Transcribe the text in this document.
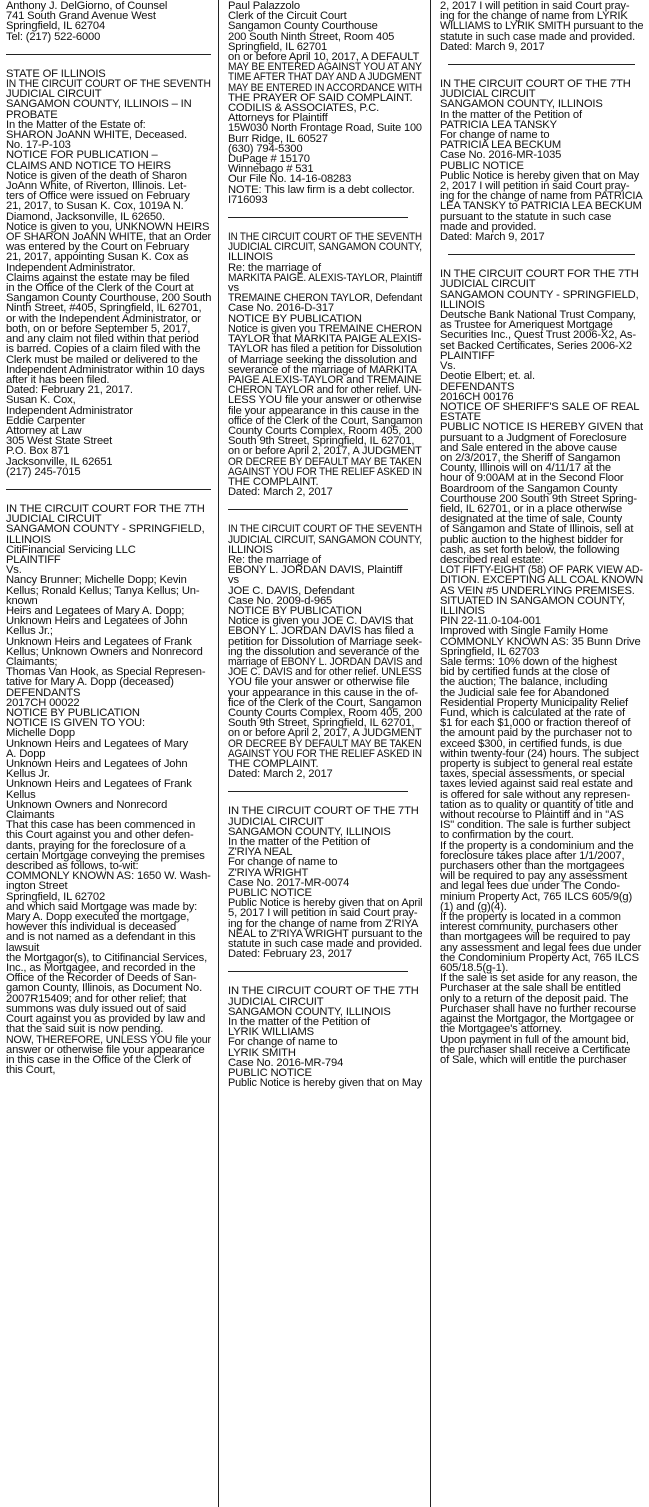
Anthony J. DelGiorno, of Counsel

741 South Grand Avenue West

Springfield, IL 62704

Tel: (217) 522-6000

STATE OF ILLINOIS

IN THE CIRCUIT COURT OF THE SEVENTH

JUDICIAL CIRCUIT

SANGAMON COUNTY, ILLINOIS – IN

PROBATE

In the Matter of the Estate of:

SHARON JoANN WHITE, Deceased.

No. 17-P-103

NOTICE FOR PUBLICATION –

CLAIMS AND NOTICE TO HEIRS

Notice is given of the death of Sharon

JoAnn White, of Riverton, Illinois. Let-

ters of Office were issued on February

21, 2017, to Susan K. Cox, 1019A N.

Diamond, Jacksonville, IL 62650.

Notice is given to you, UNKNOWN HEIRS

OF SHARON JoANN WHITE, that an Order

was entered by the Court on February

21, 2017, appointing Susan K. Cox as

Independent Administrator.

Claims against the estate may be filed

in the Office of the Clerk of the Court at

Sangamon County Courthouse, 200 South

Ninth Street, #405, Springfield, IL 62701,

or with the Independent Administrator, or

both, on or before September 5, 2017,

and any claim not filed within that period

is barred. Copies of a claim filed with the

Clerk must be mailed or delivered to the

Independent Administrator within 10 days

after it has been filed.

Dated: February 21, 2017.

Susan K. Cox,

Independent Administrator

Eddie Carpenter

Attorney at Law

305 West State Street

P.O. Box 871

Jacksonville, IL 62651

(217) 245-7015

IN THE CIRCUIT COURT FOR THE 7TH

JUDICIAL CIRCUIT

SANGAMON COUNTY - SPRINGFIELD,

ILLINOIS

CitiFinancial Servicing LLC

PLAINTIFF

Vs.

Nancy Brunner; Michelle Dopp; Kevin

Kellus; Ronald Kellus; Tanya Kellus; Un-

known

Heirs and Legatees of Mary A. Dopp;

Unknown Heirs and Legatees of John

Kellus Jr.;

Unknown Heirs and Legatees of Frank

Kellus; Unknown Owners and Nonrecord

Claimants;

Thomas Van Hook, as Special Represen-

tative for Mary A. Dopp (deceased)

DEFENDANTS

2017CH 00022

NOTICE BY PUBLICATION

NOTICE IS GIVEN TO YOU:

Michelle Dopp

Unknown Heirs and Legatees of Mary

A. Dopp

Unknown Heirs and Legatees of John

Kellus Jr.

Unknown Heirs and Legatees of Frank

Kellus

Unknown Owners and Nonrecord

Claimants

That this case has been commenced in

this Court against you and other defen-

dants, praying for the foreclosure of a

certain Mortgage conveying the premises

described as follows, to-wit:

COMMONLY KNOWN AS: 1650 W. Wash-

ington Street

Springfield, IL 62702

and which said Mortgage was made by:

Mary A. Dopp executed the mortgage,

however this individual is deceased

and is not named as a defendant in this

lawsuit

the Mortgagor(s), to Citifinancial Services,

Inc., as Mortgagee, and recorded in the

Office of the Recorder of Deeds of San-

gamon County, Illinois, as Document No.

2007R15409; and for other relief; that

summons was duly issued out of said

Court against you as provided by law and

that the said suit is now pending.

NOW, THEREFORE, UNLESS YOU file your

answer or otherwise file your appearance

in this case in the Office of the Clerk of

this Court,

Paul Palazzolo

Clerk of the Circuit Court

Sangamon County Courthouse

200 South Ninth Street, Room 405

Springfield, IL 62701

on or before April 10, 2017, A DEFAULT

MAY BE ENTERED AGAINST YOU AT ANY

TIME AFTER THAT DAY AND A JUDGMENT

MAY BE ENTERED IN ACCORDANCE WITH

THE PRAYER OF SAID COMPLAINT.

CODILIS & ASSOCIATES, P.C.

Attorneys for Plaintiff

15W030 North Frontage Road, Suite 100

Burr Ridge, IL 60527

(630) 794-5300

DuPage # 15170

Winnebago # 531

Our File No. 14-16-08283

NOTE: This law firm is a debt collector.

I716093

IN THE CIRCUIT COURT OF THE SEVENTH

JUDICIAL CIRCUIT, SANGAMON COUNTY,

ILLINOIS

Re: the marriage of

MARKITA PAIGE. ALEXIS-TAYLOR, Plaintiff

vs

TREMAINE CHERON TAYLOR, Defendant

Case No. 2016-D-317

NOTICE BY PUBLICATION

Notice is given you TREMAINE CHERON

TAYLOR that MARKITA PAIGE ALEXIS-

TAYLOR has filed a petition for Dissolution

of Marriage seeking the dissolution and

severance of the marriage of MARKITA

PAIGE ALEXIS-TAYLOR and TREMAINE

CHERON TAYLOR and for other relief. UN-

LESS YOU file your answer or otherwise

file your appearance in this cause in the

office of the Clerk of the Court, Sangamon

County Courts Complex, Room 405, 200

South 9th Street, Springfield, IL 62701,

on or before April 2, 2017, A JUDGMENT

OR DECREE BY DEFAULT MAY BE TAKEN

AGAINST YOU FOR THE RELIEF ASKED IN

THE COMPLAINT.

Dated: March 2, 2017

IN THE CIRCUIT COURT OF THE SEVENTH

JUDICIAL CIRCUIT, SANGAMON COUNTY,

ILLINOIS

Re: the marriage of

EBONY L. JORDAN DAVIS, Plaintiff

vs

JOE C. DAVIS, Defendant

Case No. 2009-d-965

NOTICE BY PUBLICATION

Notice is given you JOE C. DAVIS that

EBONY L. JORDAN DAVIS has filed a

petition for Dissolution of Marriage seek-

ing the dissolution and severance of the

marriage of EBONY L. JORDAN DAVIS and

JOE C. DAVIS and for other relief. UNLESS

YOU file your answer or otherwise file

your appearance in this cause in the of-

fice of the Clerk of the Court, Sangamon

County Courts Complex, Room 405, 200

South 9th Street, Springfield, IL 62701,

on or before April 2, 2017, A JUDGMENT

OR DECREE BY DEFAULT MAY BE TAKEN

AGAINST YOU FOR THE RELIEF ASKED IN

THE COMPLAINT.

Dated: March 2, 2017

IN THE CIRCUIT COURT OF THE 7TH

JUDICIAL CIRCUIT

SANGAMON COUNTY, ILLINOIS

In the matter of the Petition of

Z'RIYA NEAL

For change of name to

Z'RIYA WRIGHT

Case No. 2017-MR-0074

PUBLIC NOTICE

Public Notice is hereby given that on April

5, 2017 I will petition in said Court pray-

ing for the change of name from Z'RIYA

NEAL to Z'RIYA WRIGHT pursuant to the

statute in such case made and provided.

Dated: February 23, 2017

IN THE CIRCUIT COURT OF THE 7TH

JUDICIAL CIRCUIT

SANGAMON COUNTY, ILLINOIS

In the matter of the Petition of

LYRIK WILLIAMS

For change of name to

LYRIK SMITH

Case No. 2016-MR-794

PUBLIC NOTICE

Public Notice is hereby given that on May

2, 2017 I will petition in said Court pray-

ing for the change of name from LYRIK

WILLIAMS to LYRIK SMITH pursuant to the

statute in such case made and provided.

Dated: March 9, 2017

IN THE CIRCUIT COURT OF THE 7TH

JUDICIAL CIRCUIT

SANGAMON COUNTY, ILLINOIS

In the matter of the Petition of

PATRICIA LEA TANSKY

For change of name to

PATRICIA LEA BECKUM

Case No. 2016-MR-1035

PUBLIC NOTICE

Public Notice is hereby given that on May

2, 2017 I will petition in said Court pray-

ing for the change of name from PATRICIA

LEA TANSKY to PATRICIA LEA BECKUM

pursuant to the statute in such case

made and provided.

Dated: March 9, 2017

IN THE CIRCUIT COURT FOR THE 7TH

JUDICIAL CIRCUIT

SANGAMON COUNTY - SPRINGFIELD,

ILLINOIS

Deutsche Bank National Trust Company,

as Trustee for Ameriquest Mortgage

Securities Inc., Quest Trust 2006-X2, As-

set Backed Certificates, Series 2006-X2

PLAINTIFF

Vs.

Deotie Elbert; et. al.

DEFENDANTS

2016CH 00176

NOTICE OF SHERIFF'S SALE OF REAL

ESTATE

PUBLIC NOTICE IS HEREBY GIVEN that

pursuant to a Judgment of Foreclosure

and Sale entered in the above cause

on 2/3/2017, the Sheriff of Sangamon

County, Illinois will on 4/11/17 at the

hour of 9:00AM at in the Second Floor

Boardroom of the Sangamon County

Courthouse 200 South 9th Street Spring-

field, IL 62701, or in a place otherwise

designated at the time of sale, County

of Sangamon and State of Illinois, sell at

public auction to the highest bidder for

cash, as set forth below, the following

described real estate:

LOT FIFTY-EIGHT (58) OF PARK VIEW AD-

DITION. EXCEPTING ALL COAL KNOWN

AS VEIN #5 UNDERLYING PREMISES.

SITUATED IN SANGAMON COUNTY,

ILLINOIS

PIN 22-11.0-104-001

Improved with Single Family Home

COMMONLY KNOWN AS: 35 Bunn Drive

Springfield, IL 62703

Sale terms: 10% down of the highest

bid by certified funds at the close of

the auction; The balance, including

the Judicial sale fee for Abandoned

Residential Property Municipality Relief

Fund, which is calculated at the rate of

$1 for each $1,000 or fraction thereof of

the amount paid by the purchaser not to

exceed $300, in certified funds, is due

within twenty-four (24) hours. The subject

property is subject to general real estate

taxes, special assessments, or special

taxes levied against said real estate and

is offered for sale without any represen-

tation as to quality or quantity of title and

without recourse to Plaintiff and in "AS

IS" condition. The sale is further subject

to confirmation by the court.

If the property is a condominium and the

foreclosure takes place after 1/1/2007,

purchasers other than the mortgagees

will be required to pay any assessment

and legal fees due under The Condo-

minium Property Act, 765 ILCS 605/9(g)

(1) and (g)(4).

If the property is located in a common

interest community, purchasers other

than mortgagees will be required to pay

any assessment and legal fees due under

the Condominium Property Act, 765 ILCS

605/18.5(g-1).

If the sale is set aside for any reason, the

Purchaser at the sale shall be entitled

only to a return of the deposit paid. The

Purchaser shall have no further recourse

against the Mortgagor, the Mortgagee or

the Mortgagee's attorney.

Upon payment in full of the amount bid,

the purchaser shall receive a Certificate

of Sale, which will entitle the purchaser
